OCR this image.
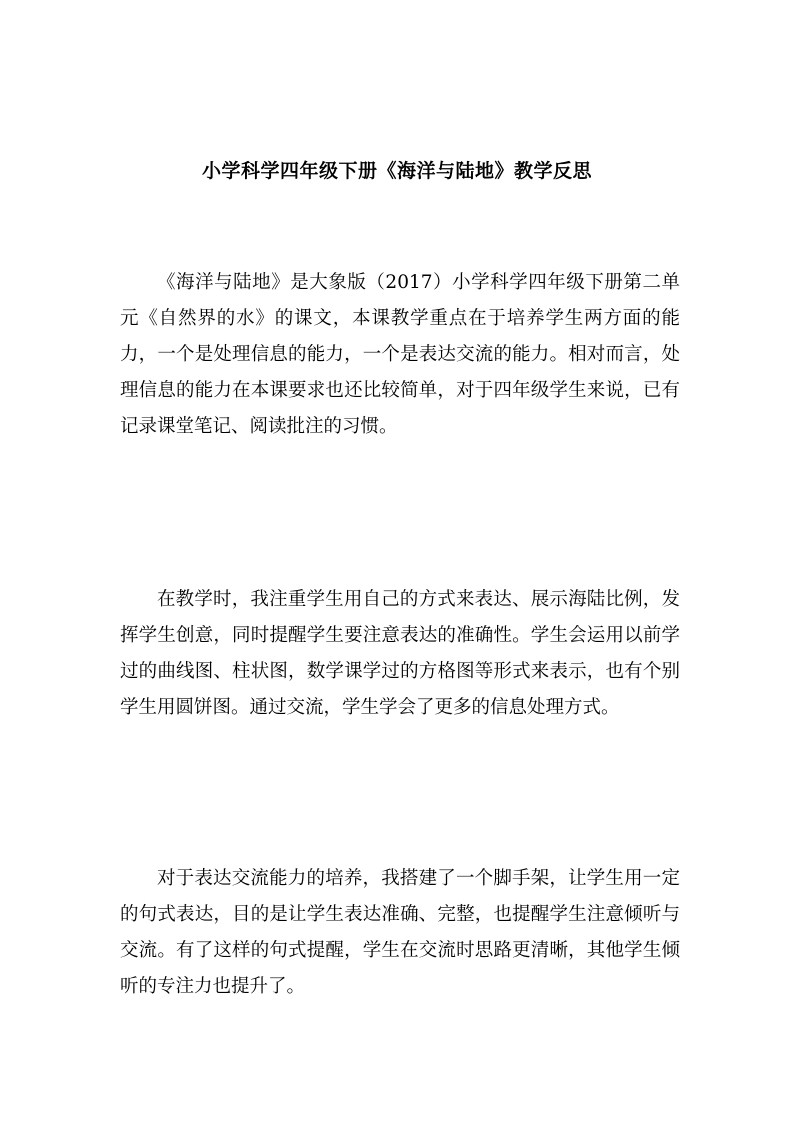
小学科学四年级下册《海洋与陆地》教学反思

《海洋与陆地》是大象版（2017）小学科学四年级下册第二单元《自然界的水》的课文，本课教学重点在于培养学生两方面的能力，一个是处理信息的能力，一个是表达交流的能力。相对而言，处理信息的能力在本课要求也还比较简单，对于四年级学生来说，已有记录课堂笔记、阅读批注的习惯。

在教学时，我注重学生用自己的方式来表达、展示海陆比例，发挥学生创意，同时提醒学生要注意表达的准确性。学生会运用以前学过的曲线图、柱状图，数学课学过的方格图等形式来表示，也有个别学生用圆饼图。通过交流，学生学会了更多的信息处理方式。

对于表达交流能力的培养，我搭建了一个脚手架，让学生用一定的句式表达，目的是让学生表达准确、完整，也提醒学生注意倾听与交流。有了这样的句式提醒，学生在交流时思路更清晰，其他学生倾听的专注力也提升了。
